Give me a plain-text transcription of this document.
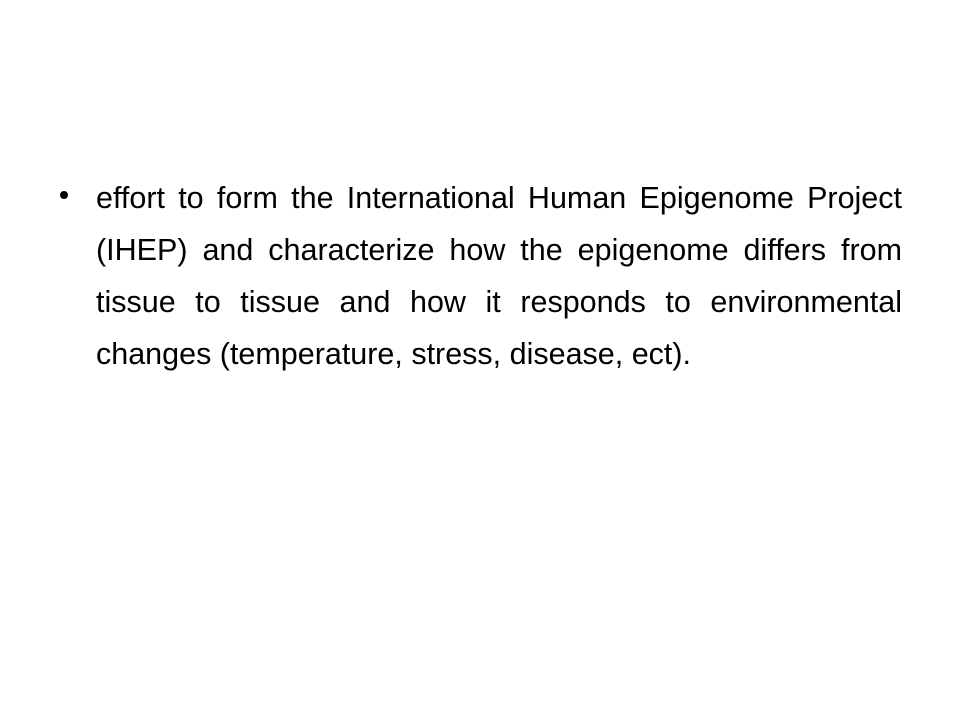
effort to form the International Human Epigenome Project (IHEP) and characterize how the epigenome differs from tissue to tissue and how it responds to environmental changes (temperature, stress, disease, ect).
